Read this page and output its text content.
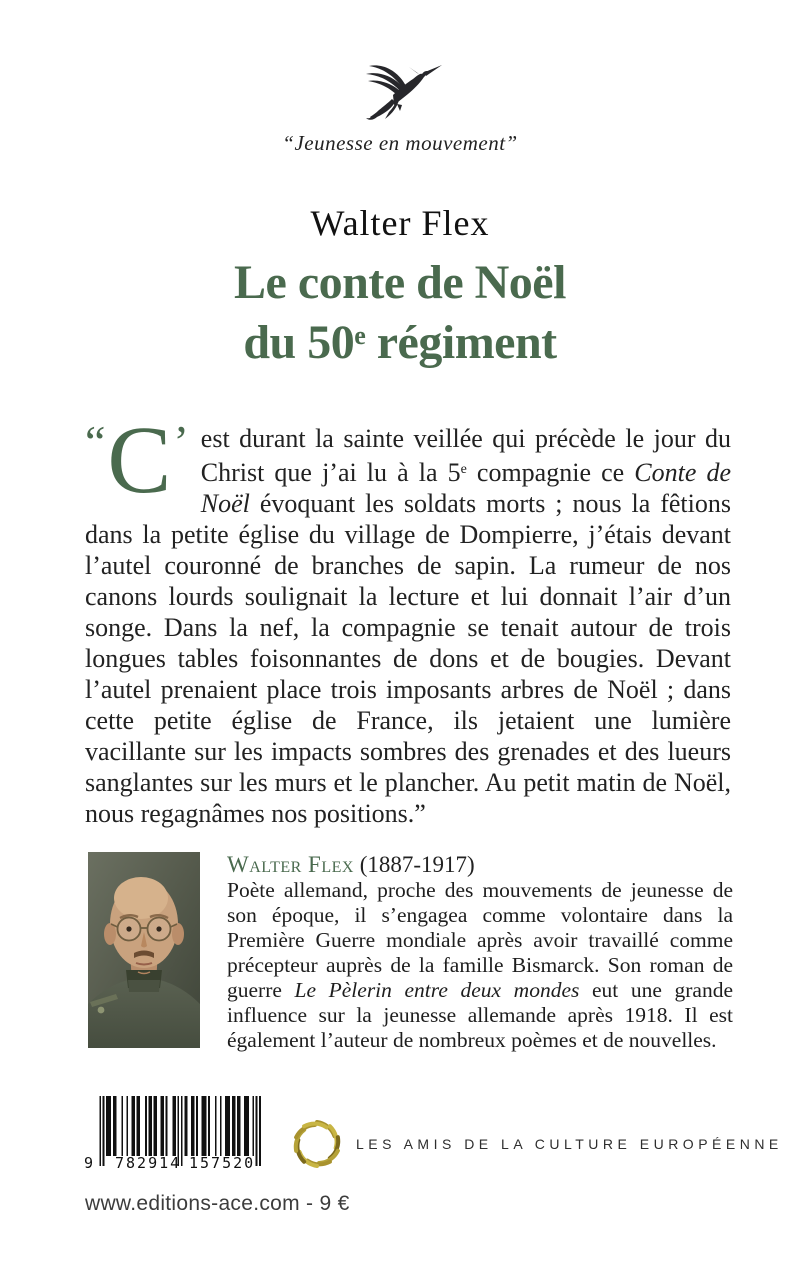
“Jeunesse en mouvement”
Walter Flex
Le conte de Noël
du 50e régiment
“ C ’ est durant la sainte veillée qui précède le jour du Christ que j’ai lu à la 5e compagnie ce Conte de Noël évoquant les soldats morts ; nous la fêtions dans la petite église du village de Dompierre, j’étais devant l’autel couronné de branches de sapin. La rumeur de nos canons lourds soulignait la lecture et lui donnait l’air d’un songe. Dans la nef, la compagnie se tenait autour de trois longues tables foisonnantes de dons et de bougies. Devant l’autel prenaient place trois imposants arbres de Noël ; dans cette petite église de France, ils jetaient une lumière vacillante sur les impacts sombres des grenades et des lueurs sanglantes sur les murs et le plancher. Au petit matin de Noël, nous regagnâmes nos positions.”
Walter Flex (1887-1917)
Poète allemand, proche des mouvements de jeunesse de son époque, il s’engagea comme volontaire dans la Première Guerre mondiale après avoir travaillé comme précepteur auprès de la famille Bismarck. Son roman de guerre Le Pèlerin entre deux mondes eut une grande influence sur la jeunesse allemande après 1918. Il est également l’auteur de nombreux poèmes et de nouvelles.
9 782914 157520
LES AMIS DE LA CULTURE EUROPÉENNE
www.editions-ace.com - 9 €
